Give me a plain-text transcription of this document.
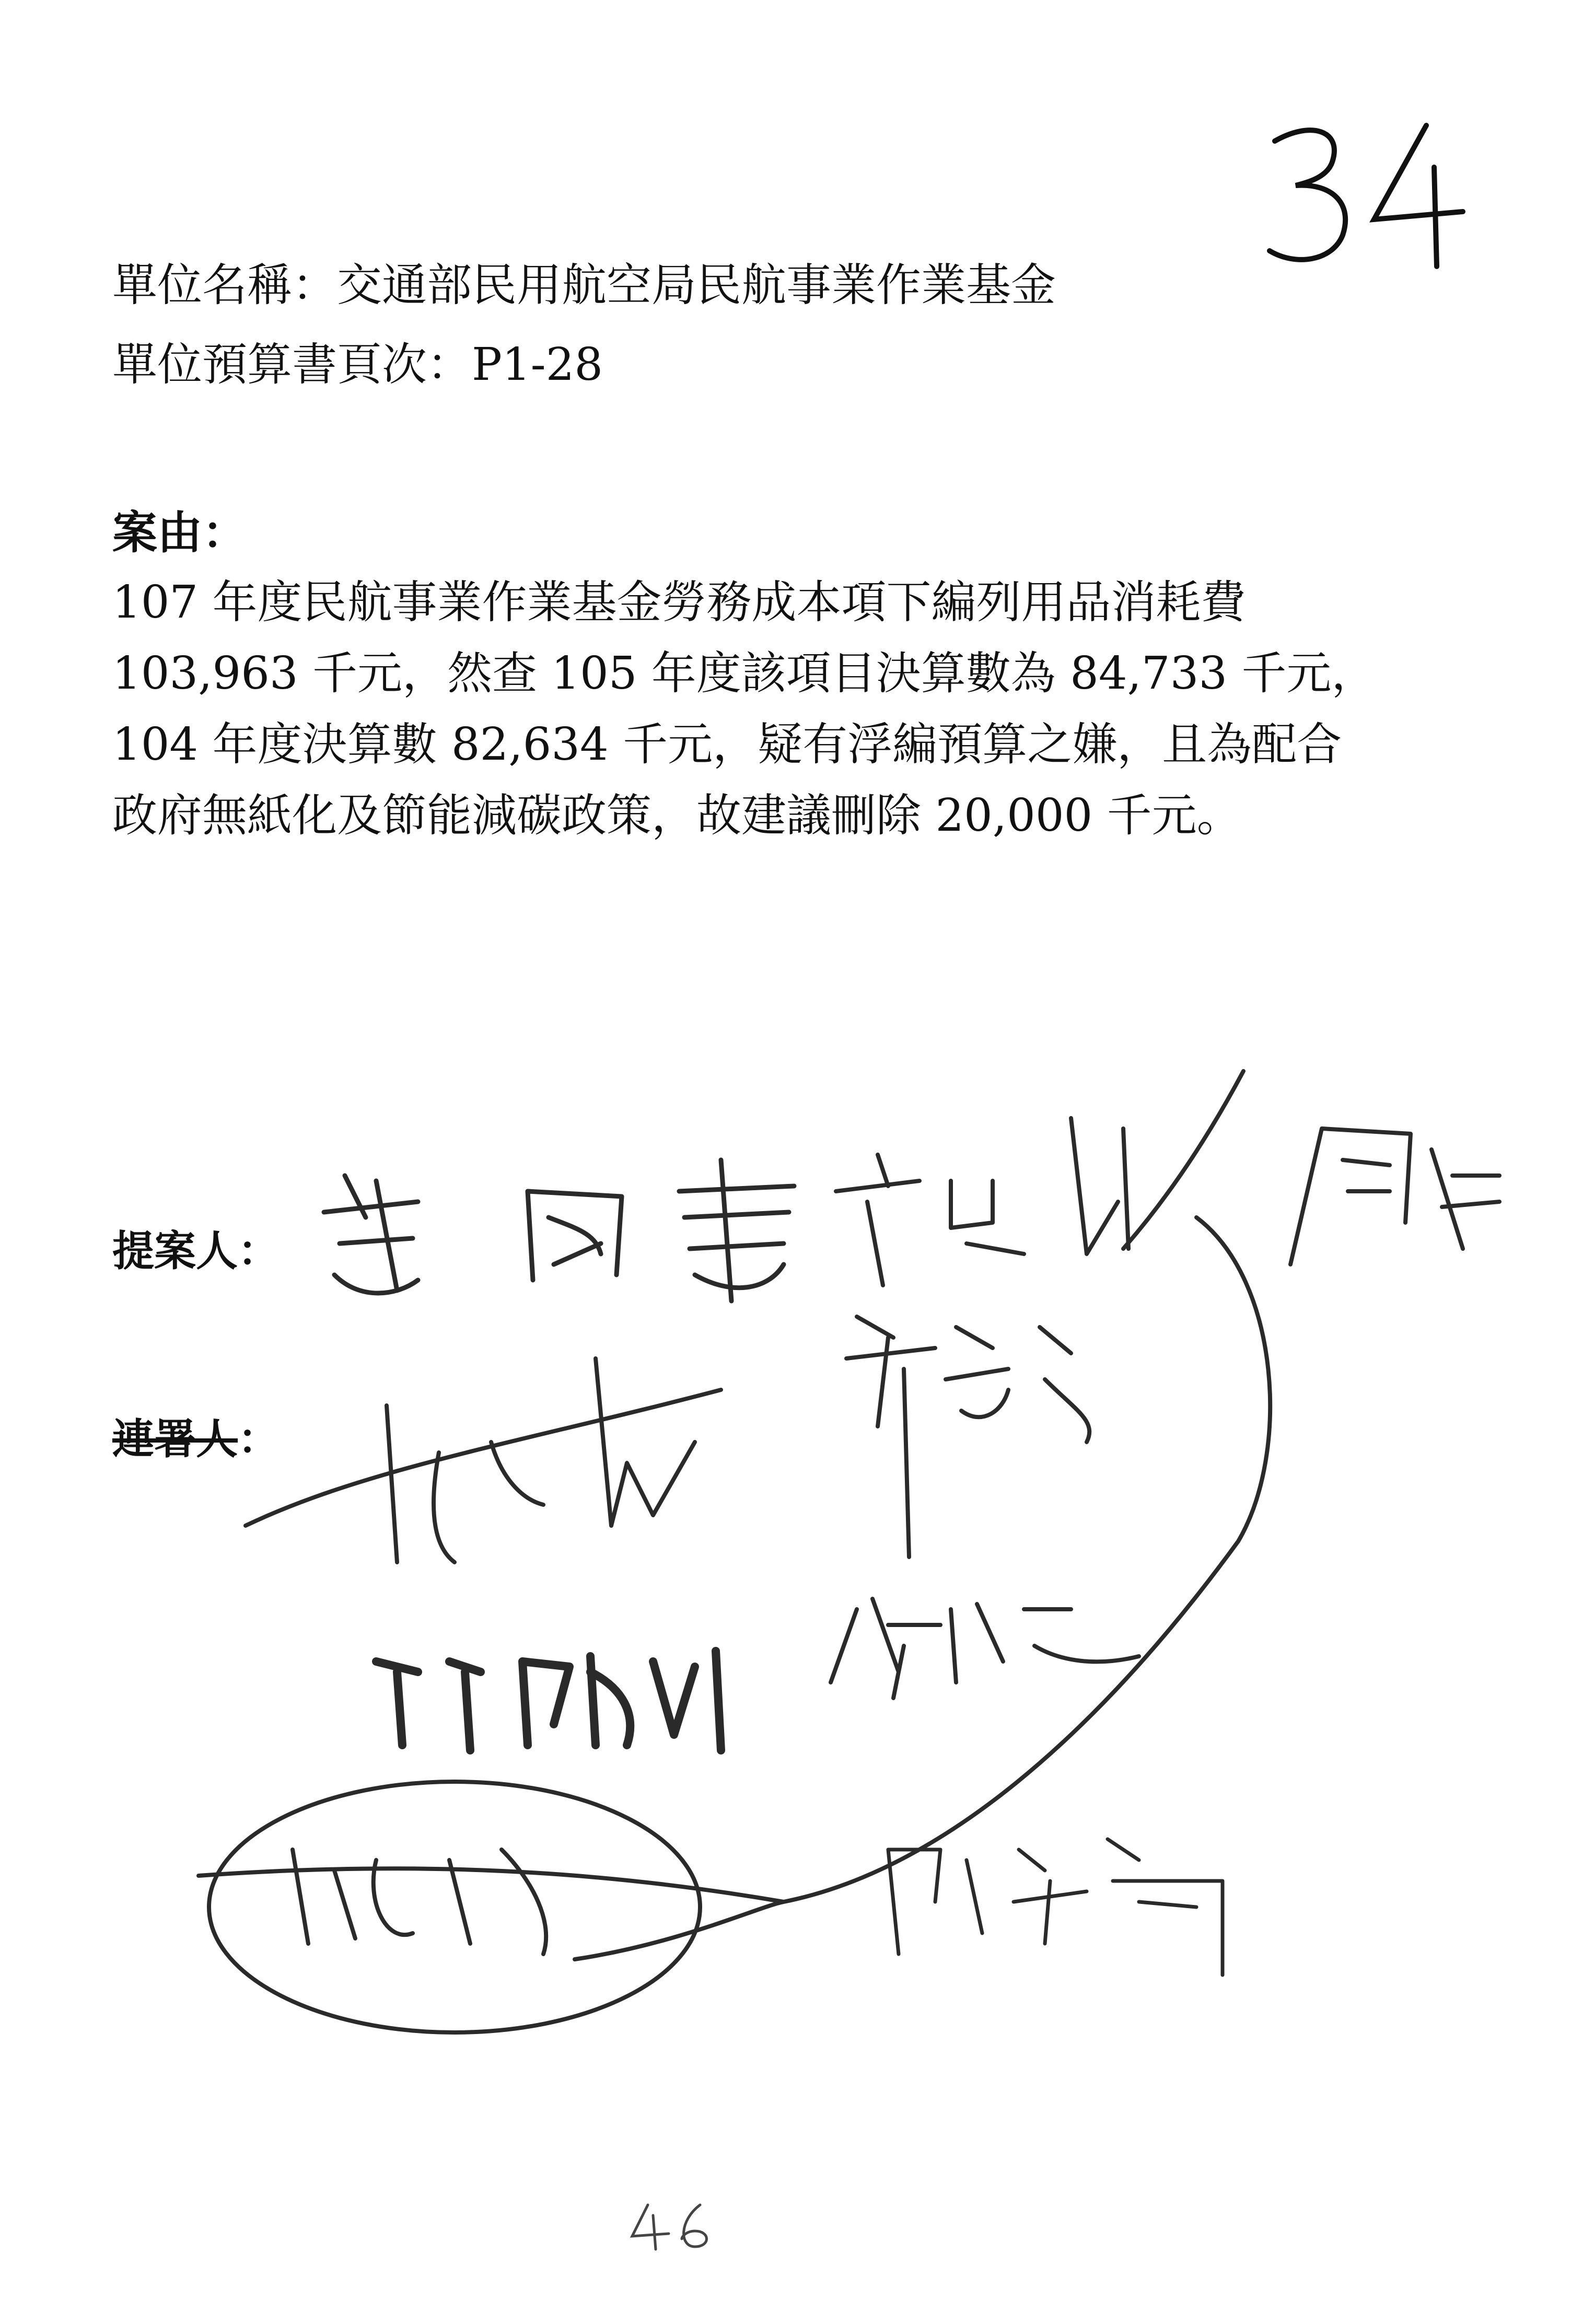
單位名稱：交通部民用航空局民航事業作業基金
單位預算書頁次：P1-28
案由：
107 年度民航事業作業基金勞務成本項下編列用品消耗費
103,963 千元，然查 105 年度該項目決算數為 84,733 千元，
104 年度決算數 82,634 千元，疑有浮編預算之嫌，且為配合
政府無紙化及節能減碳政策，故建議刪除 20,000 千元。
提案人：
連署人：
